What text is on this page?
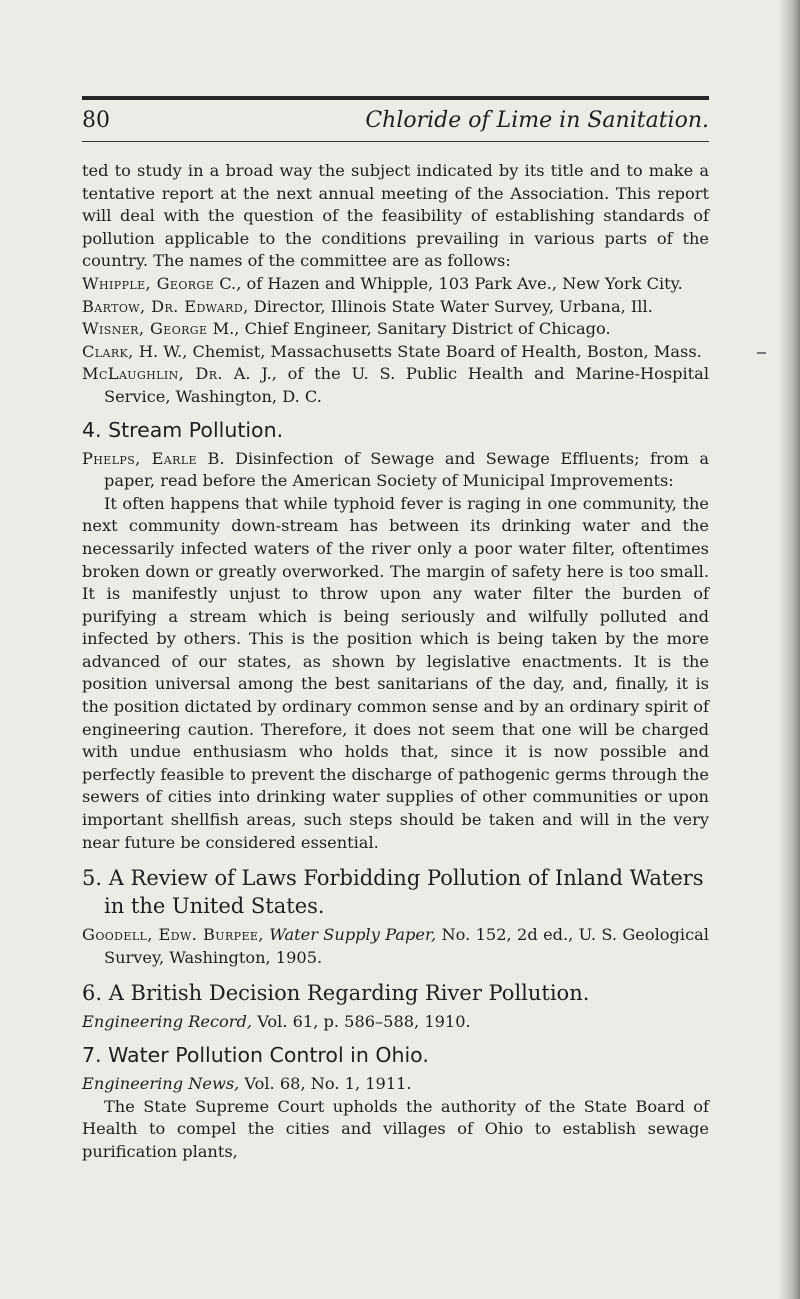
80	Chloride of Lime in Sanitation.

ted to study in a broad way the subject indicated by its title and to make a tentative report at the next annual meeting of the Association. This report will deal with the question of the feasibility of establishing standards of pollution applicable to the conditions prevailing in various parts of the country. The names of the committee are as follows:

Whipple, George C., of Hazen and Whipple, 103 Park Ave., New York City.

Bartow, Dr. Edward, Director, Illinois State Water Survey, Urbana, Ill.

Wisner, George M., Chief Engineer, Sanitary District of Chicago.

Clark, H. W., Chemist, Massachusetts State Board of Health, Boston, Mass.

McLaughlin, Dr. A. J., of the U. S. Public Health and Marine-Hospital Service, Washington, D. C.

4. Stream Pollution.

Phelps, Earle B. Disinfection of Sewage and Sewage Effluents; from a paper, read before the American Society of Municipal Improvements:

It often happens that while typhoid fever is raging in one community, the next community down-stream has between its drinking water and the necessarily infected waters of the river only a poor water filter, oftentimes broken down or greatly overworked. The margin of safety here is too small. It is manifestly unjust to throw upon any water filter the burden of purifying a stream which is being seriously and wilfully polluted and infected by others. This is the position which is being taken by the more advanced of our states, as shown by legislative enactments. It is the position universal among the best sanitarians of the day, and, finally, it is the position dictated by ordinary common sense and by an ordinary spirit of engineering caution. Therefore, it does not seem that one will be charged with undue enthusiasm who holds that, since it is now possible and perfectly feasible to prevent the discharge of pathogenic germs through the sewers of cities into drinking water supplies of other communities or upon important shellfish areas, such steps should be taken and will in the very near future be considered essential.

5. A Review of Laws Forbidding Pollution of Inland Waters in the United States.

Goodell, Edw. Burpee, Water Supply Paper, No. 152, 2d ed., U. S. Geological Survey, Washington, 1905.

6. A British Decision Regarding River Pollution.

Engineering Record, Vol. 61, p. 586–588, 1910.

7. Water Pollution Control in Ohio.

Engineering News, Vol. 68, No. 1, 1911.

The State Supreme Court upholds the authority of the State Board of Health to compel the cities and villages of Ohio to establish sewage purification plants,
